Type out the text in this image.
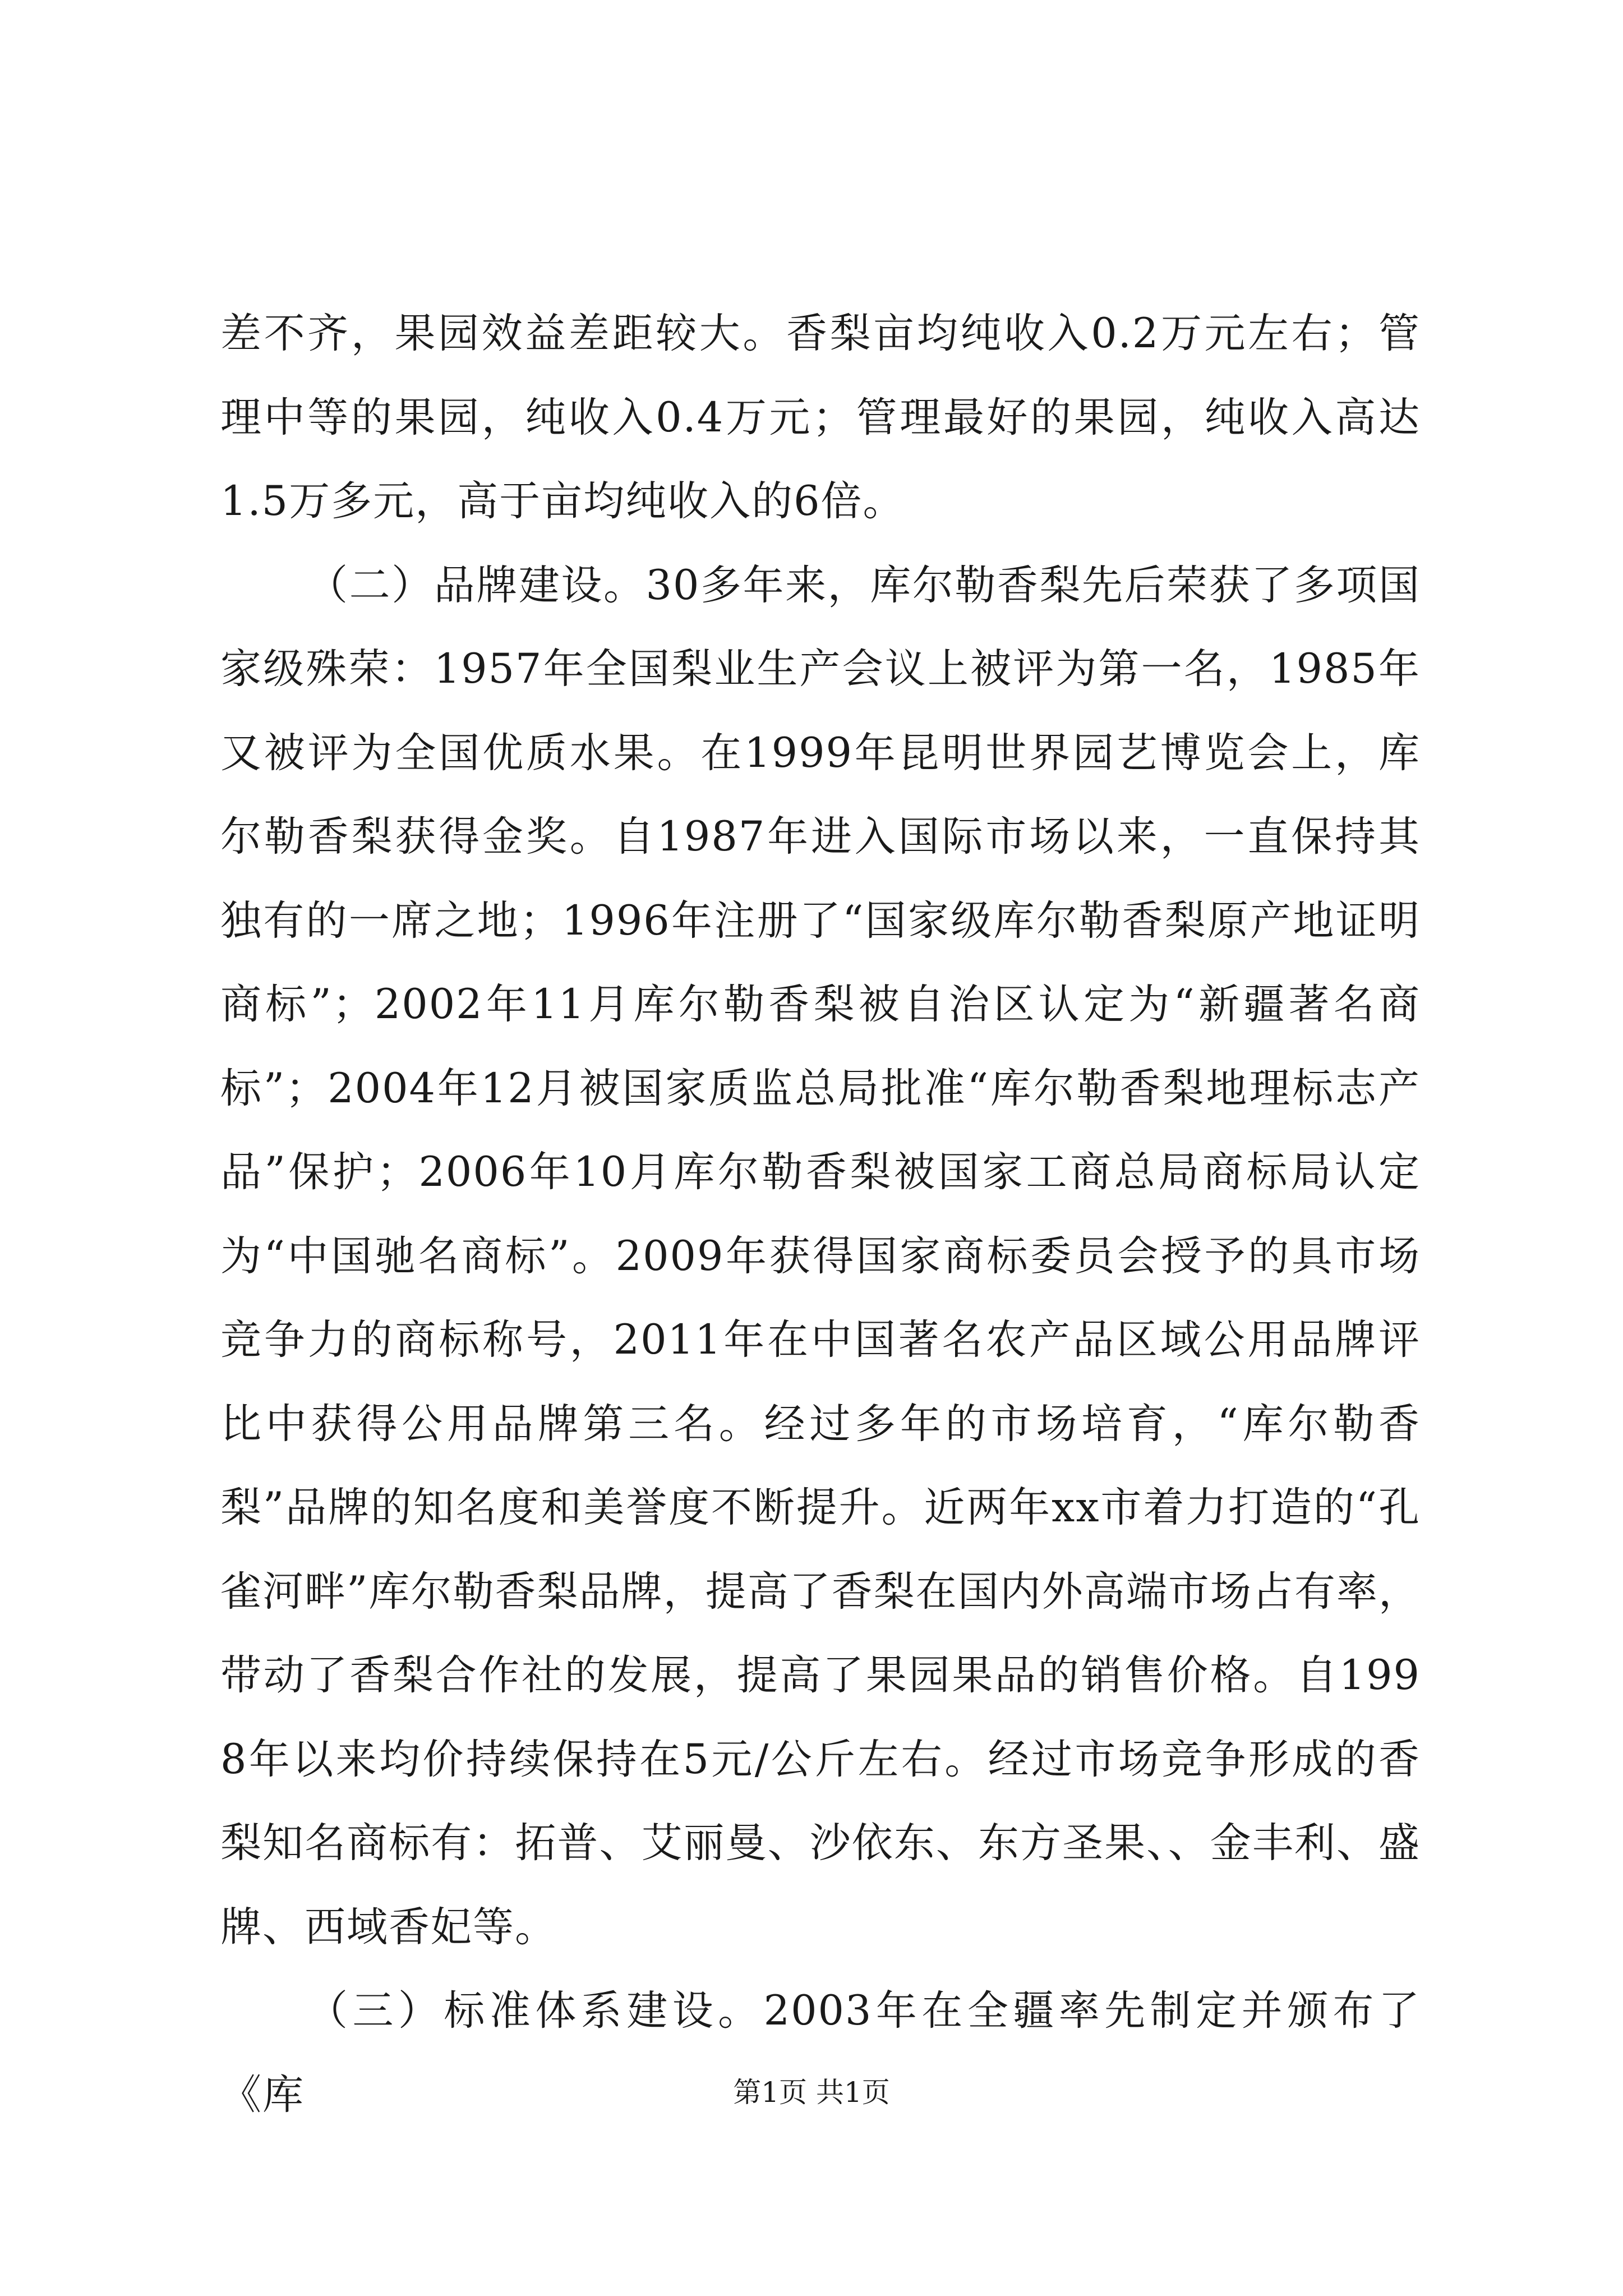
差不齐，果园效益差距较大。香梨亩均纯收入0.2万元左右；管理中等的果园，纯收入0.4万元；管理最好的果园，纯收入高达1.5万多元，高于亩均纯收入的6倍。

（二）品牌建设。30多年来，库尔勒香梨先后荣获了多项国家级殊荣：1957年全国梨业生产会议上被评为第一名，1985年又被评为全国优质水果。在1999年昆明世界园艺博览会上，库尔勒香梨获得金奖。自1987年进入国际市场以来，一直保持其独有的一席之地；1996年注册了“国家级库尔勒香梨原产地证明商标”；2002年11月库尔勒香梨被自治区认定为“新疆著名商标”；2004年12月被国家质监总局批准“库尔勒香梨地理标志产品”保护；2006年10月库尔勒香梨被国家工商总局商标局认定为“中国驰名商标”。2009年获得国家商标委员会授予的具市场竞争力的商标称号，2011年在中国著名农产品区域公用品牌评比中获得公用品牌第三名。经过多年的市场培育，“库尔勒香梨”品牌的知名度和美誉度不断提升。近两年xx市着力打造的“孔雀河畔”库尔勒香梨品牌，提高了香梨在国内外高端市场占有率，带动了香梨合作社的发展，提高了果园果品的销售价格。自1998年以来均价持续保持在5元/公斤左右。经过市场竞争形成的香梨知名商标有：拓普、艾丽曼、沙依东、东方圣果、、金丰利、盛牌、西域香妃等。

（三）标准体系建设。2003年在全疆率先制定并颁布了《库	第1页 共1页
